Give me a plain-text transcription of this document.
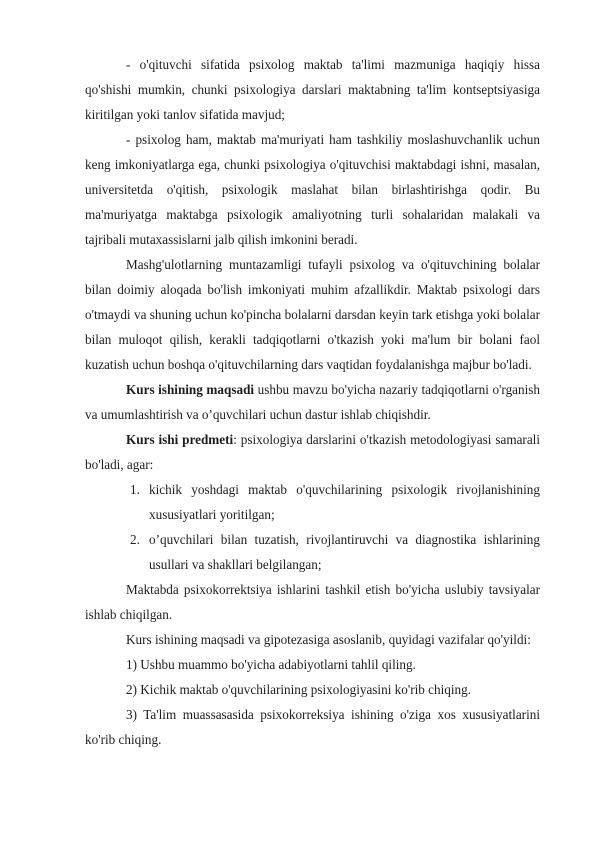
- o'qituvchi sifatida psixolog maktab ta'limi mazmuniga haqiqiy hissa qo'shishi mumkin, chunki psixologiya darslari maktabning ta'lim kontseptsiyasiga kiritilgan yoki tanlov sifatida mavjud;

- psixolog ham, maktab ma'muriyati ham tashkiliy moslashuvchanlik uchun keng imkoniyatlarga ega, chunki psixologiya o'qituvchisi maktabdagi ishni, masalan, universitetda o'qitish, psixologik maslahat bilan birlashtirishga qodir. Bu ma'muriyatga maktabga psixologik amaliyotning turli sohalaridan malakali va tajribali mutaxassislarni jalb qilish imkonini beradi.

Mashg'ulotlarning muntazamligi tufayli psixolog va o'qituvchining bolalar bilan doimiy aloqada bo'lish imkoniyati muhim afzallikdir. Maktab psixologi dars o'tmaydi va shuning uchun ko'pincha bolalarni darsdan keyin tark etishga yoki bolalar bilan muloqot qilish, kerakli tadqiqotlarni o'tkazish yoki ma'lum bir bolani faol kuzatish uchun boshqa o'qituvchilarning dars vaqtidan foydalanishga majbur bo'ladi.

Kurs ishining maqsadi ushbu mavzu bo'yicha nazariy tadqiqotlarni o'rganish va umumlashtirish va o’quvchilari uchun dastur ishlab chiqishdir.

Kurs ishi predmeti: psixologiya darslarini o'tkazish metodologiyasi samarali bo'ladi, agar:

1. kichik yoshdagi maktab o'quvchilarining psixologik rivojlanishining xususiyatlari yoritilgan;
2. o’quvchilari bilan tuzatish, rivojlantiruvchi va diagnostika ishlarining usullari va shakllari belgilangan;

Maktabda psixokorrektsiya ishlarini tashkil etish bo'yicha uslubiy tavsiyalar ishlab chiqilgan.

Kurs ishining maqsadi va gipotezasiga asoslanib, quyidagi vazifalar qo'yildi:

1) Ushbu muammo bo'yicha adabiyotlarni tahlil qiling.

2) Kichik maktab o'quvchilarining psixologiyasini ko'rib chiqing.

3) Ta'lim muassasasida psixokorreksiya ishining o'ziga xos xususiyatlarini ko'rib chiqing.
